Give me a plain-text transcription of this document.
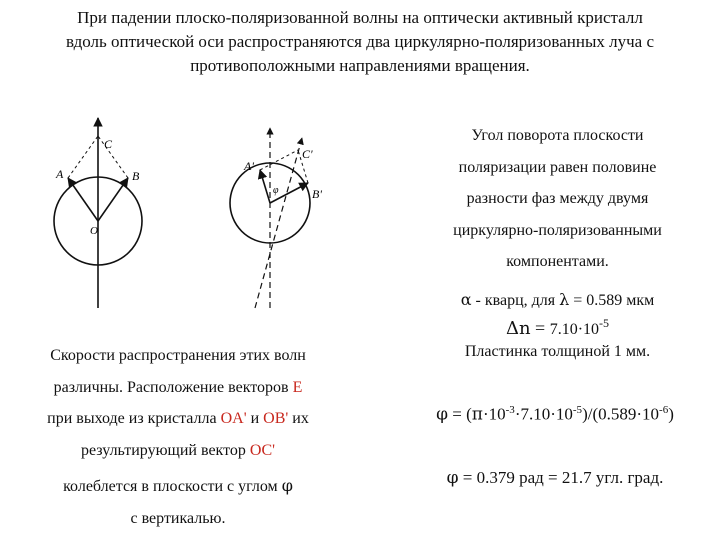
При падении плоско-поляризованной волны на оптически активный кристалл
вдоль оптической оси распространяются два циркулярно-поляризованных луча с
противоположными направлениями вращения.
C
A	B
O
A'
C'
B'
φ
Угол поворота плоскости
поляризации равен половине
разности фаз между двумя
циркулярно-поляризованными
компонентами.
α - кварц, для λ = 0.589 мкм
$\Delta n = 7.10\cdot 10^{-5}$
Пластинка толщиной 1 мм.
$\varphi = (\pi\cdot 10^{-3}\cdot 7.10\cdot 10^{-5})/(0.589\cdot 10^{-6})$
φ = 0.379 рад = 21.7 угл. град.
Скорости распространения этих волн
различны. Расположение векторов E
при выходе из кристалла OA' и OB' их
результирующий вектор OC'
колеблется в плоскости с углом φ
с вертикалью.
